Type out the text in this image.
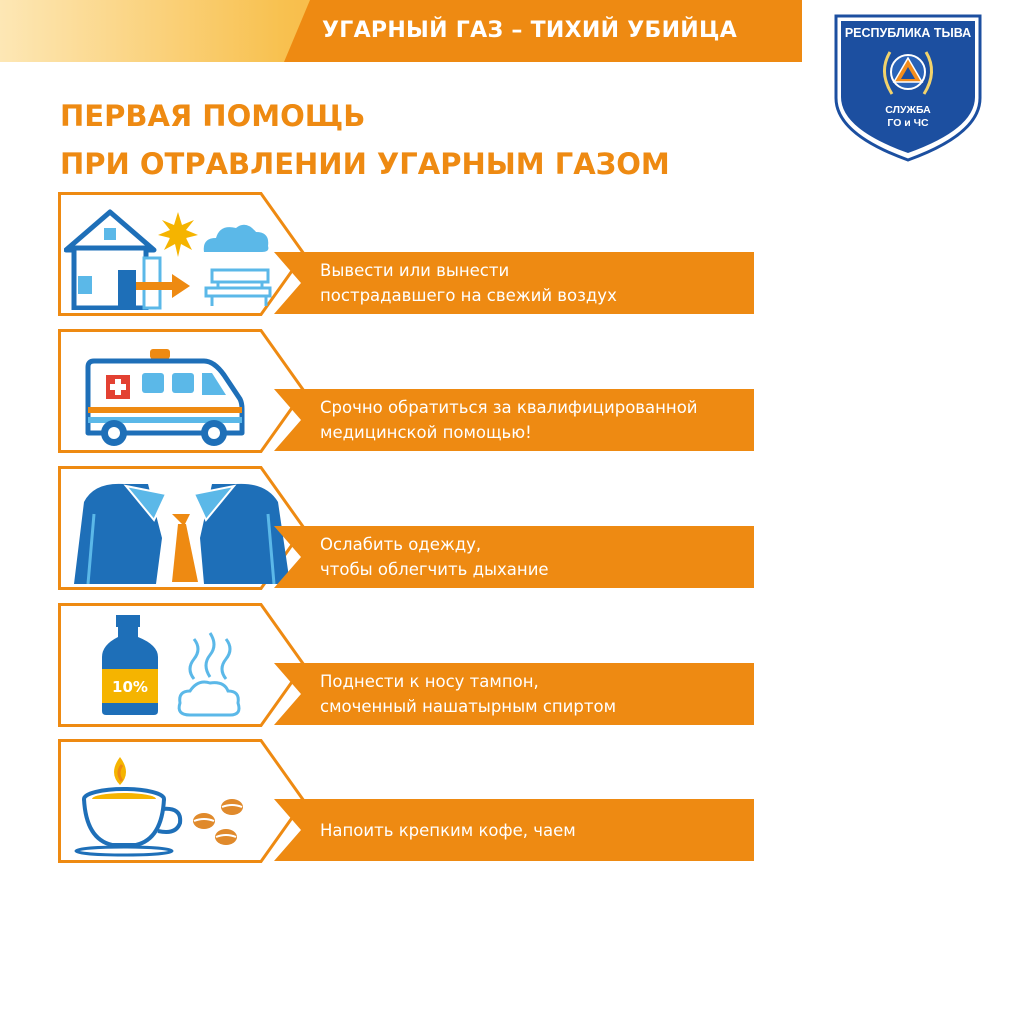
УГАРНЫЙ ГАЗ – ТИХИЙ УБИЙЦА	РЕСПУБЛИКА ТЫВА
СЛУЖБА
ГО и ЧС
ПЕРВАЯ ПОМОЩЬ
ПРИ ОТРАВЛЕНИИ УГАРНЫМ ГАЗОМ
Вывести или вынести
пострадавшего на свежий воздух
Срочно обратиться за квалифицированной
медицинской помощью!
Ослабить одежду,
чтобы облегчить дыхание
10%	Поднести к носу тампон,
смоченный нашатырным спиртом
Напоить крепким кофе, чаем
